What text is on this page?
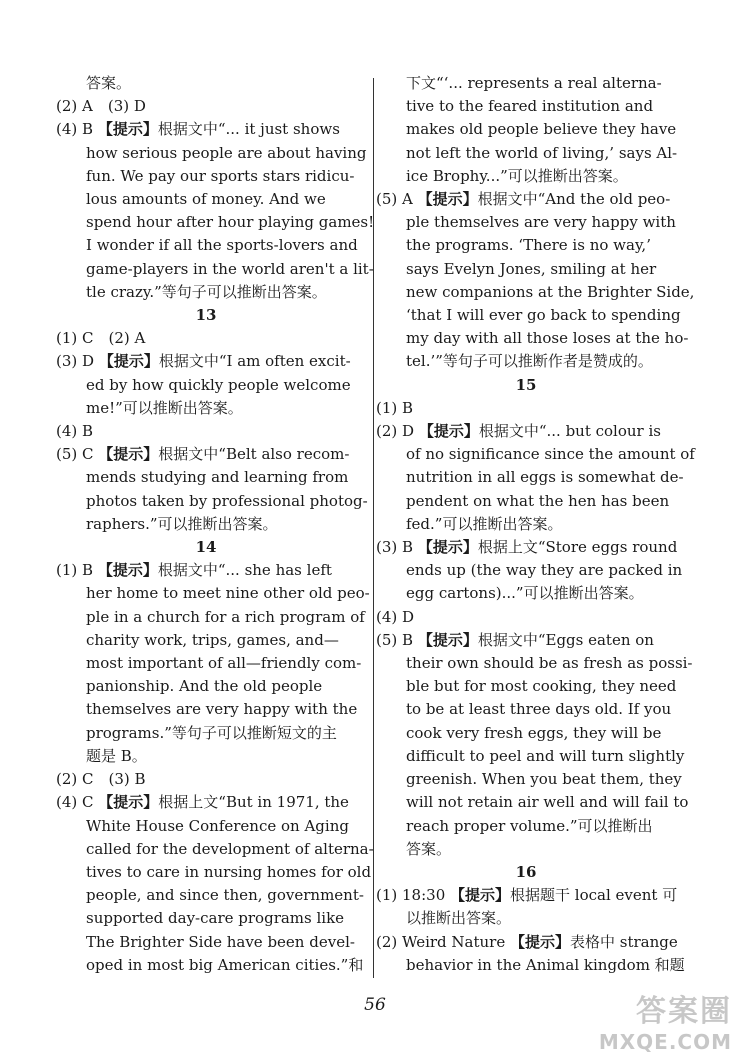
答案。
(2) A　(3) D
(4) B 【提示】根据文中“... it just shows
how serious people are about having
fun. We pay our sports stars ridicu-
lous amounts of money. And we
spend hour after hour playing games!
I wonder if all the sports-lovers and
game-players in the world aren't a lit-
tle crazy.”等句子可以推断出答案。
13
(1) C　(2) A
(3) D 【提示】根据文中“I am often excit-
ed by how quickly people welcome
me!”可以推断出答案。
(4) B
(5) C 【提示】根据文中“Belt also recom-
mends studying and learning from
photos taken by professional photog-
raphers.”可以推断出答案。
14
(1) B 【提示】根据文中“... she has left
her home to meet nine other old peo-
ple in a church for a rich program of
charity work, trips, games, and—
most important of all—friendly com-
panionship. And the old people
themselves are very happy with the
programs.”等句子可以推断短文的主
题是 B。
(2) C　(3) B
(4) C 【提示】根据上文“But in 1971, the
White House Conference on Aging
called for the development of alterna-
tives to care in nursing homes for old
people, and since then, government-
supported day-care programs like
The Brighter Side have been devel-
oped in most big American cities.”和
下文“‘... represents a real alterna-
tive to the feared institution and
makes old people believe they have
not left the world of living,’ says Al-
ice Brophy...”可以推断出答案。
(5) A 【提示】根据文中“And the old peo-
ple themselves are very happy with
the programs. ‘There is no way,’
says Evelyn Jones, smiling at her
new companions at the Brighter Side,
‘that I will ever go back to spending
my day with all those loses at the ho-
tel.’”等句子可以推断作者是赞成的。
15
(1) B
(2) D 【提示】根据文中“... but colour is
of no significance since the amount of
nutrition in all eggs is somewhat de-
pendent on what the hen has been
fed.”可以推断出答案。
(3) B 【提示】根据上文“Store eggs round
ends up (the way they are packed in
egg cartons)...”可以推断出答案。
(4) D
(5) B 【提示】根据文中“Eggs eaten on
their own should be as fresh as possi-
ble but for most cooking, they need
to be at least three days old. If you
cook very fresh eggs, they will be
difficult to peel and will turn slightly
greenish. When you beat them, they
will not retain air well and will fail to
reach proper volume.”可以推断出
答案。
16
(1) 18:30 【提示】根据题干 local event 可
以推断出答案。
(2) Weird Nature 【提示】表格中 strange
behavior in the Animal kingdom 和题
56	答案圈
MXQE.COM
